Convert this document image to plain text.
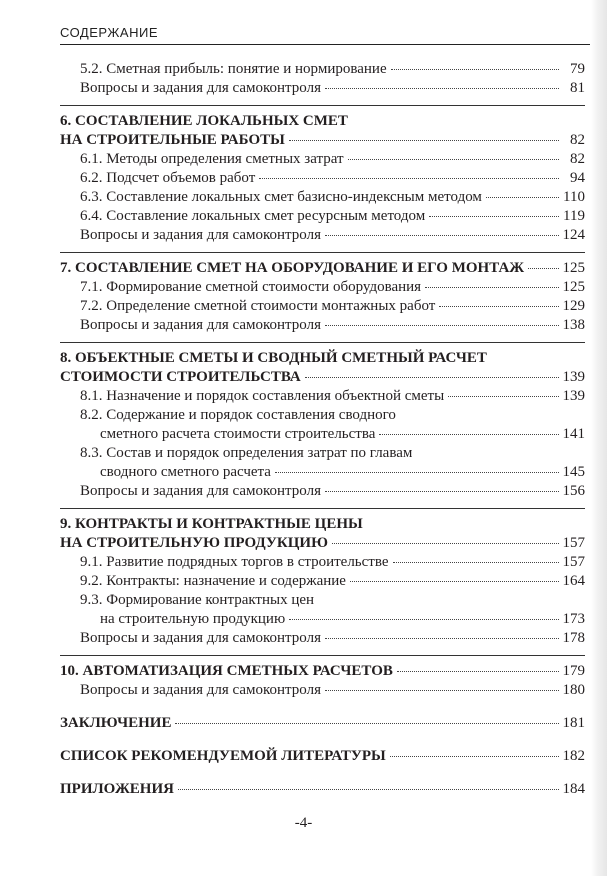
СОДЕРЖАНИЕ
5.2. Сметная прибыль: понятие и нормирование	79
Вопросы и задания для самоконтроля	81
6. СОСТАВЛЕНИЕ ЛОКАЛЬНЫХ СМЕТ
НА СТРОИТЕЛЬНЫЕ РАБОТЫ	82
6.1. Методы определения сметных затрат	82
6.2. Подсчет объемов работ	94
6.3. Составление локальных смет базисно-индексным методом	110
6.4. Составление локальных смет ресурсным методом	119
Вопросы и задания для самоконтроля	124
7. СОСТАВЛЕНИЕ СМЕТ НА ОБОРУДОВАНИЕ И ЕГО МОНТАЖ	125
7.1. Формирование сметной стоимости оборудования	125
7.2. Определение сметной стоимости монтажных работ	129
Вопросы и задания для самоконтроля	138
8. ОБЪЕКТНЫЕ СМЕТЫ И СВОДНЫЙ СМЕТНЫЙ РАСЧЕТ
СТОИМОСТИ СТРОИТЕЛЬСТВА	139
8.1. Назначение и порядок составления объектной сметы	139
8.2. Содержание и порядок составления сводного
сметного расчета стоимости строительства	141
8.3. Состав и порядок определения затрат по главам
сводного сметного расчета	145
Вопросы и задания для самоконтроля	156
9. КОНТРАКТЫ И КОНТРАКТНЫЕ ЦЕНЫ
НА СТРОИТЕЛЬНУЮ ПРОДУКЦИЮ	157
9.1. Развитие подрядных торгов в строительстве	157
9.2. Контракты: назначение и содержание	164
9.3. Формирование контрактных цен
на строительную продукцию	173
Вопросы и задания для самоконтроля	178
10. АВТОМАТИЗАЦИЯ СМЕТНЫХ РАСЧЕТОВ	179
Вопросы и задания для самоконтроля	180
ЗАКЛЮЧЕНИЕ	181
СПИСОК РЕКОМЕНДУЕМОЙ ЛИТЕРАТУРЫ	182
ПРИЛОЖЕНИЯ	184
-4-
